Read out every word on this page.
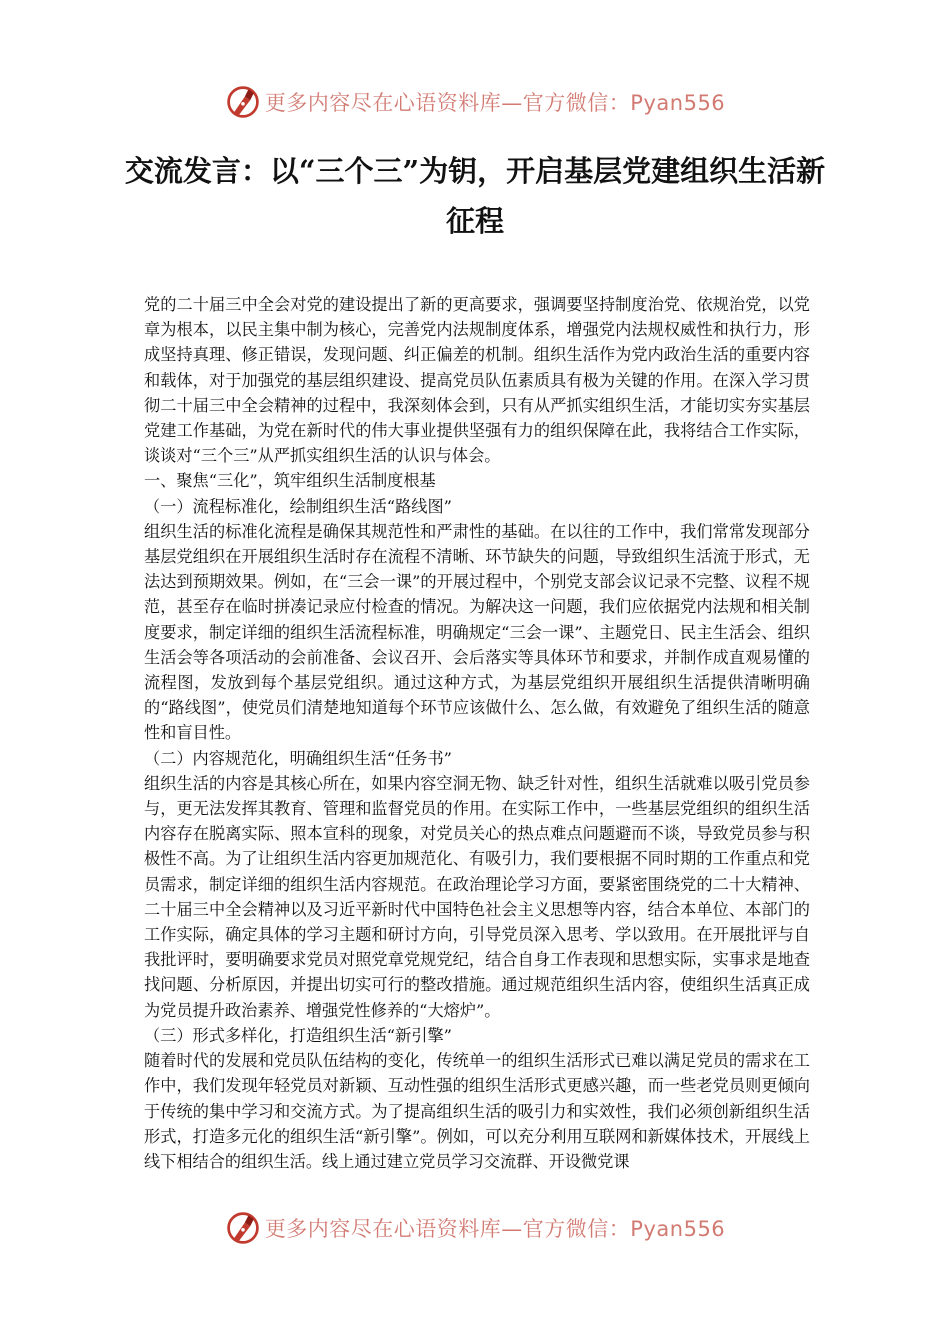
更多内容尽在心语资料库—官方微信：Pyan556
交流发言：以“三个三”为钥，开启基层党建组织生活新征程

党的二十届三中全会对党的建设提出了新的更高要求，强调要坚持制度治党、依规治党，以党章为根本，以民主集中制为核心，完善党内法规制度体系，增强党内法规权威性和执行力，形成坚持真理、修正错误，发现问题、纠正偏差的机制。组织生活作为党内政治生活的重要内容和载体，对于加强党的基层组织建设、提高党员队伍素质具有极为关键的作用。在深入学习贯彻二十届三中全会精神的过程中，我深刻体会到，只有从严抓实组织生活，才能切实夯实基层党建工作基础，为党在新时代的伟大事业提供坚强有力的组织保障在此，我将结合工作实际，谈谈对“三个三”从严抓实组织生活的认识与体会。

一、聚焦“三化”，筑牢组织生活制度根基

（一）流程标准化，绘制组织生活“路线图”

组织生活的标准化流程是确保其规范性和严肃性的基础。在以往的工作中，我们常常发现部分基层党组织在开展组织生活时存在流程不清晰、环节缺失的问题，导致组织生活流于形式，无法达到预期效果。例如，在“三会一课”的开展过程中，个别党支部会议记录不完整、议程不规范，甚至存在临时拼凑记录应付检查的情况。为解决这一问题，我们应依据党内法规和相关制度要求，制定详细的组织生活流程标准，明确规定“三会一课”、主题党日、民主生活会、组织生活会等各项活动的会前准备、会议召开、会后落实等具体环节和要求，并制作成直观易懂的流程图，发放到每个基层党组织。通过这种方式，为基层党组织开展组织生活提供清晰明确的“路线图”，使党员们清楚地知道每个环节应该做什么、怎么做，有效避免了组织生活的随意性和盲目性。

（二）内容规范化，明确组织生活“任务书”

组织生活的内容是其核心所在，如果内容空洞无物、缺乏针对性，组织生活就难以吸引党员参与，更无法发挥其教育、管理和监督党员的作用。在实际工作中，一些基层党组织的组织生活内容存在脱离实际、照本宣科的现象，对党员关心的热点难点问题避而不谈，导致党员参与积极性不高。为了让组织生活内容更加规范化、有吸引力，我们要根据不同时期的工作重点和党员需求，制定详细的组织生活内容规范。在政治理论学习方面，要紧密围绕党的二十大精神、二十届三中全会精神以及习近平新时代中国特色社会主义思想等内容，结合本单位、本部门的工作实际，确定具体的学习主题和研讨方向，引导党员深入思考、学以致用。在开展批评与自我批评时，要明确要求党员对照党章党规党纪，结合自身工作表现和思想实际，实事求是地查找问题、分析原因，并提出切实可行的整改措施。通过规范组织生活内容，使组织生活真正成为党员提升政治素养、增强党性修养的“大熔炉”。

（三）形式多样化，打造组织生活“新引擎”

随着时代的发展和党员队伍结构的变化，传统单一的组织生活形式已难以满足党员的需求在工作中，我们发现年轻党员对新颖、互动性强的组织生活形式更感兴趣，而一些老党员则更倾向于传统的集中学习和交流方式。为了提高组织生活的吸引力和实效性，我们必须创新组织生活形式，打造多元化的组织生活“新引擎”。例如，可以充分利用互联网和新媒体技术，开展线上线下相结合的组织生活。线上通过建立党员学习交流群、开设微党课

更多内容尽在心语资料库—官方微信：Pyan556
